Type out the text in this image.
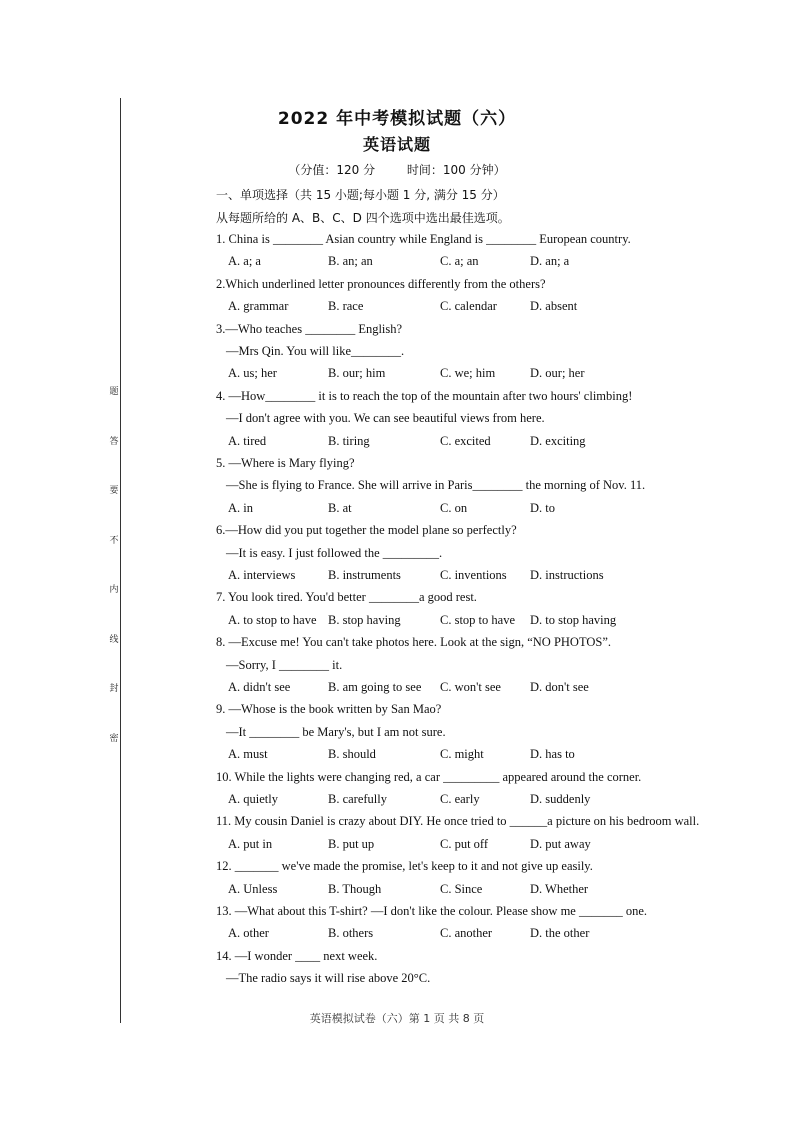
题
答
要
不
内
线
封
密
2022 年中考模拟试题（六）
英语试题
（分值：120 分	时间：100 分钟）
一、单项选择（共 15 小题;每小题 1 分, 满分 15 分）
从每题所给的 A、B、C、D 四个选项中选出最佳选项。
1. China is ________ Asian country while England is ________ European country.
A. a; a	B. an; an	C. a; an	D. an; a
2.Which underlined letter pronounces differently from the others?
A. grammar	B. race	C. calendar	D. absent
3.—Who teaches ________ English?
—Mrs Qin. You will like________.
A. us; her	B. our; him	C. we; him	D. our; her
4. —How________ it is to reach the top of the mountain after two hours' climbing!
—I don't agree with you. We can see beautiful views from here.
A. tired	B. tiring	C. excited	D. exciting
5. —Where is Mary flying?
—She is flying to France. She will arrive in Paris________ the morning of Nov. 11.
A. in	B. at	C. on	D. to
6.—How did you put together the model plane so perfectly?
—It is easy. I just followed the _________.
A. interviews	B. instruments	C. inventions D. instructions
7. You look tired. You'd better ________a good rest.
A. to stop to have B. stop having	C. stop to have D. to stop having
8. —Excuse me! You can't take photos here. Look at the sign, “NO PHOTOS”.
—Sorry, I ________ it.
A. didn't see	B. am going to see C. won't see D. don't see
9. —Whose is the book written by San Mao?
—It ________ be Mary's, but I am not sure.
A. must	B. should	C. might	D. has to
10. While the lights were changing red, a car _________ appeared around the corner.
A. quietly	B. carefully	C. early	D. suddenly
11. My cousin Daniel is crazy about DIY. He once tried to ______a picture on his bedroom wall.
A. put in	B. put up	C. put off	D. put away
12. _______ we've made the promise, let's keep to it and not give up easily.
A. Unless	B. Though	C. Since	D. Whether
13. —What about this T-shirt? —I don't like the colour. Please show me _______ one.
A. other	B. others	C. another	D. the other
14. —I wonder ____ next week.
—The radio says it will rise above 20°C.
英语模拟试卷（六）第 1 页 共 8 页
